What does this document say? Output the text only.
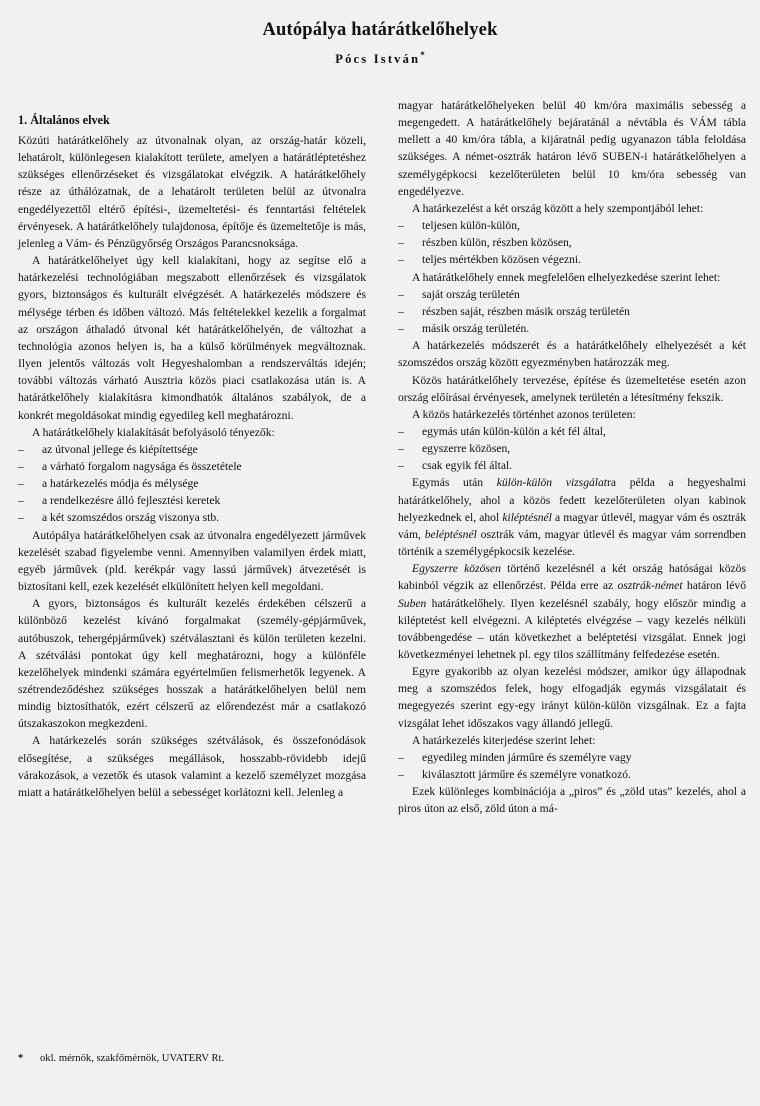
Autópálya határátkelőhelyek
Pócs István*
1. Általános elvek

Közúti határátkelőhely az útvonalnak olyan, az ország-határ közeli, lehatárolt, különlegesen kialakított területe, amelyen a határátléptetéshez szükséges ellenőrzéseket és vizsgálatokat elvégzik. A határátkelőhely része az úthálózatnak, de a lehatárolt területen belül az útvonalra engedélyezettől eltérő építési-, üzemeltetési- és fenntartási feltételek érvényesek. A határátkelőhely tulajdonosa, építője és üzemeltetője is más, jelenleg a Vám- és Pénzügyőrség Országos Parancsnoksága.

A határátkelőhelyet úgy kell kialakítani, hogy az segítse elő a határkezelési technológiában megszabott ellenőrzések és vizsgálatok gyors, biztonságos és kulturált elvégzését. A határkezelés módszere és mélysége térben és időben változó. Más feltételekkel kezelik a forgalmat az országon áthaladó útvonal két határátkelőhelyén, de változhat a technológia azonos helyen is, ha a külső körülmények megváltoznak. Ilyen jelentős változás volt Hegyeshalomban a rendszerváltás idején; további változás várható Ausztria közös piaci csatlakozása után is. A határátkelőhely kialakításra kimondhatók általános szabályok, de a konkrét megoldásokat mindig egyedileg kell meghatározni.

A határátkelőhely kialakítását befolyásoló tényezők:

– az útvonal jellege és kiépítettsége
– a várható forgalom nagysága és összetétele
– a határkezelés módja és mélysége
– a rendelkezésre álló fejlesztési keretek
– a két szomszédos ország viszonya stb.

Autópálya határátkelőhelyen csak az útvonalra engedélyezett járművek kezelését szabad figyelembe venni. Amennyiben valamilyen érdek miatt, egyéb járművek (pld. kerékpár vagy lassú járművek) átvezetését is biztosítani kell, ezek kezelését elkülönített helyen kell megoldani.

A gyors, biztonságos és kulturált kezelés érdekében célszerű a különböző kezelést kívánó forgalmakat (személy-gépjárművek, autóbuszok, tehergépjárművek) szétválasztani és külön területen kezelni. A szétválási pontokat úgy kell meghatározni, hogy a különféle kezelőhelyek mindenki számára egyértelműen felismerhetők legyenek. A szétrendeződéshez szükséges hosszak a határátkelőhelyen belül nem mindig biztosíthatók, ezért célszerű az előrendezést már a csatlakozó útszakaszokon megkezdeni.

A határkezelés során szükséges szétválások, és összefonódások elősegítése, a szükséges megállások, hosszabb-rövidebb idejű várakozások, a vezetők és utasok valamint a kezelő személyzet mozgása miatt a határátkelőhelyen belül a sebességet korlátozni kell. Jelenleg a

* okl. mérnök, szakfőmérnök, UVATERV Rt.

magyar határátkelőhelyeken belül 40 km/óra maximális sebesség a megengedett. A határátkelőhely bejáratánál a névtábla és VÁM tábla mellett a 40 km/óra tábla, a kijáratnál pedig ugyanazon tábla feloldása szükséges. A német-osztrák határon lévő SUBEN-i határátkelőhelyen a személygépkocsi kezelőterületen belül 10 km/óra sebesség van engedélyezve.

A határkezelést a két ország között a hely szempontjából lehet:

– teljesen külön-külön,
– részben külön, részben közösen,
– teljes mértékben közösen végezni.

A határátkelőhely ennek megfelelően elhelyezkedése szerint lehet:

– saját ország területén
– részben saját, részben másik ország területén
– másik ország területén.

A határkezelés módszerét és a határátkelőhely elhelyezését a két szomszédos ország között egyezményben határozzák meg.

Közös határátkelőhely tervezése, építése és üzemeltetése esetén azon ország előírásai érvényesek, amelynek területén a létesítmény fekszik.

A közös határkezelés történhet azonos területen:

– egymás után külön-külön a két fél által,
– egyszerre közösen,
– csak egyik fél által.

Egymás után külön-külön vizsgálatra példa a hegyeshalmi határátkelőhely, ahol a közös fedett kezelőterületen olyan kabinok helyezkednek el, ahol kiléptésnél a magyar útlevél, magyar vám és osztrák vám, beléptésnél osztrák vám, magyar útlevél és magyar vám sorrendben történik a személygépkocsik kezelése.

Egyszerre közösen történő kezelésnél a két ország hatóságai közös kabinból végzik az ellenőrzést. Példa erre az osztrák-német határon lévő Suben határátkelőhely. Ilyen kezelésnél szabály, hogy először mindig a kiléptetést kell elvégezni. A kiléptetés elvégzése – vagy kezelés nélküli továbbengedése – után következhet a beléptetési vizsgálat. Ennek jogi következményei lehetnek pl. egy tilos szállítmány felfedezése esetén.

Egyre gyakoribb az olyan kezelési módszer, amikor úgy állapodnak meg a szomszédos felek, hogy elfogadják egymás vizsgálatait és megegyezés szerint egy-egy irányt külön-külön vizsgálnak. Ez a fajta vizsgálat lehet időszakos vagy állandó jellegű.

A határkezelés kiterjedése szerint lehet:

– egyedileg minden járműre és személyre vagy
– kiválasztott járműre és személyre vonatkozó.

Ezek különleges kombinációja a „piros” és „zöld utas” kezelés, ahol a piros úton az első, zöld úton a má-
